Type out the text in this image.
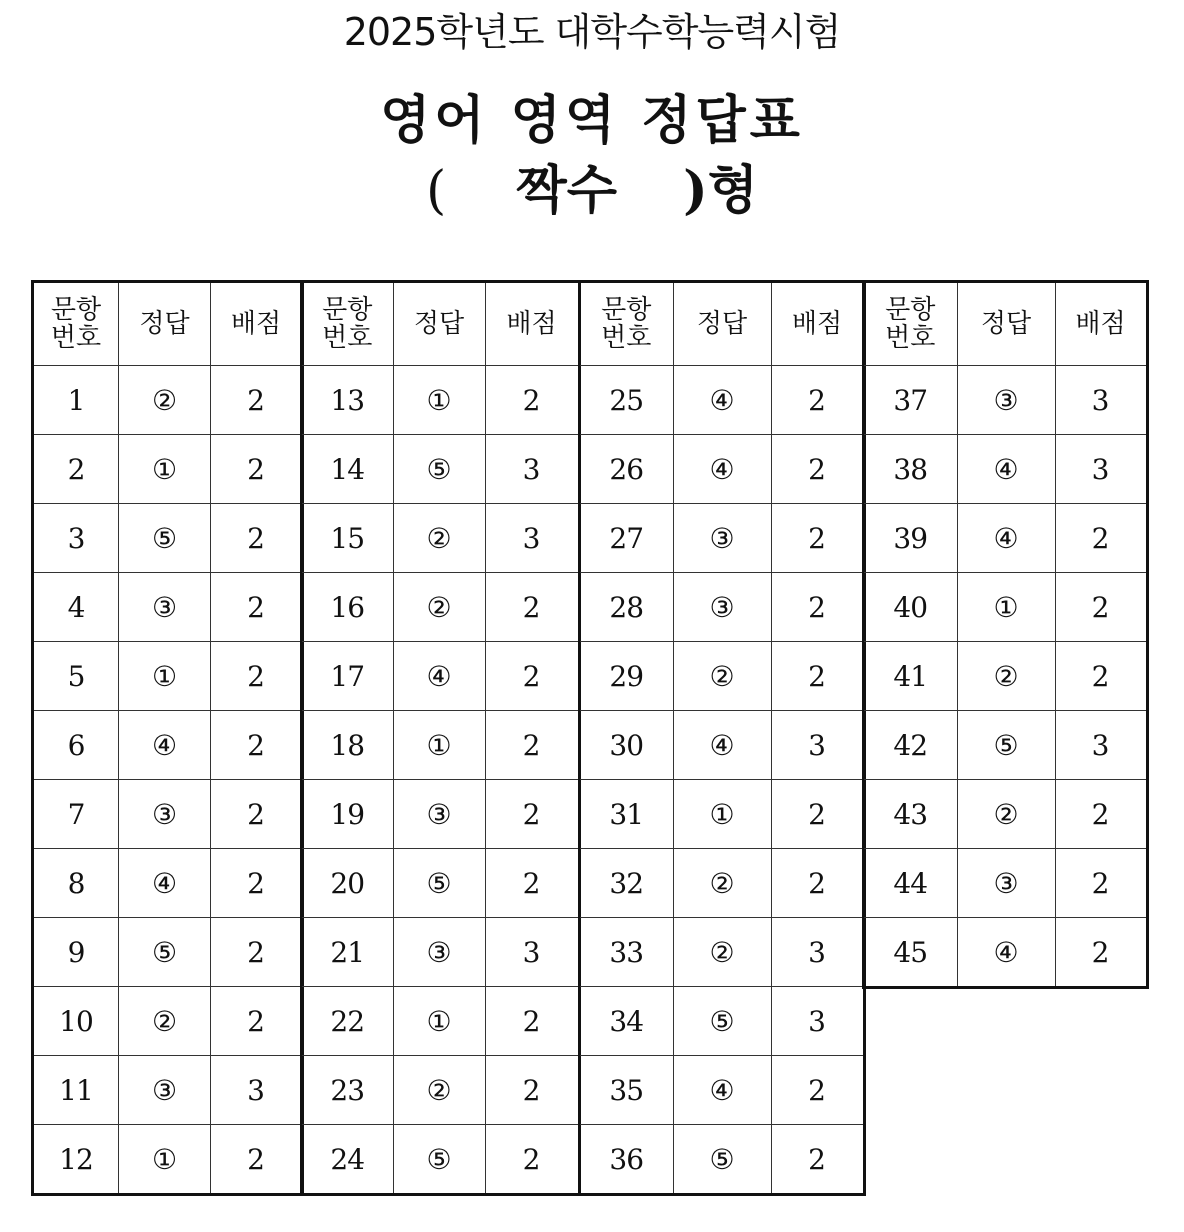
2025학년도 대학수학능력시험
영어 영역 정답표
( 짝수 )형
문항
번호	정답	배점
1	②	2
2	①	2
3	⑤	2
4	③	2
5	①	2
6	④	2
7	③	2
8	④	2
9	⑤	2
10	②	2
11	③	3
12	①	2
문항
번호	정답	배점
13	①	2
14	⑤	3
15	②	3
16	②	2
17	④	2
18	①	2
19	③	2
20	⑤	2
21	③	3
22	①	2
23	②	2
24	⑤	2
문항
번호	정답	배점
25	④	2
26	④	2
27	③	2
28	③	2
29	②	2
30	④	3
31	①	2
32	②	2
33	②	3
34	⑤	3
35	④	2
36	⑤	2
문항
번호	정답	배점
37	③	3
38	④	3
39	④	2
40	①	2
41	②	2
42	⑤	3
43	②	2
44	③	2
45	④	2
